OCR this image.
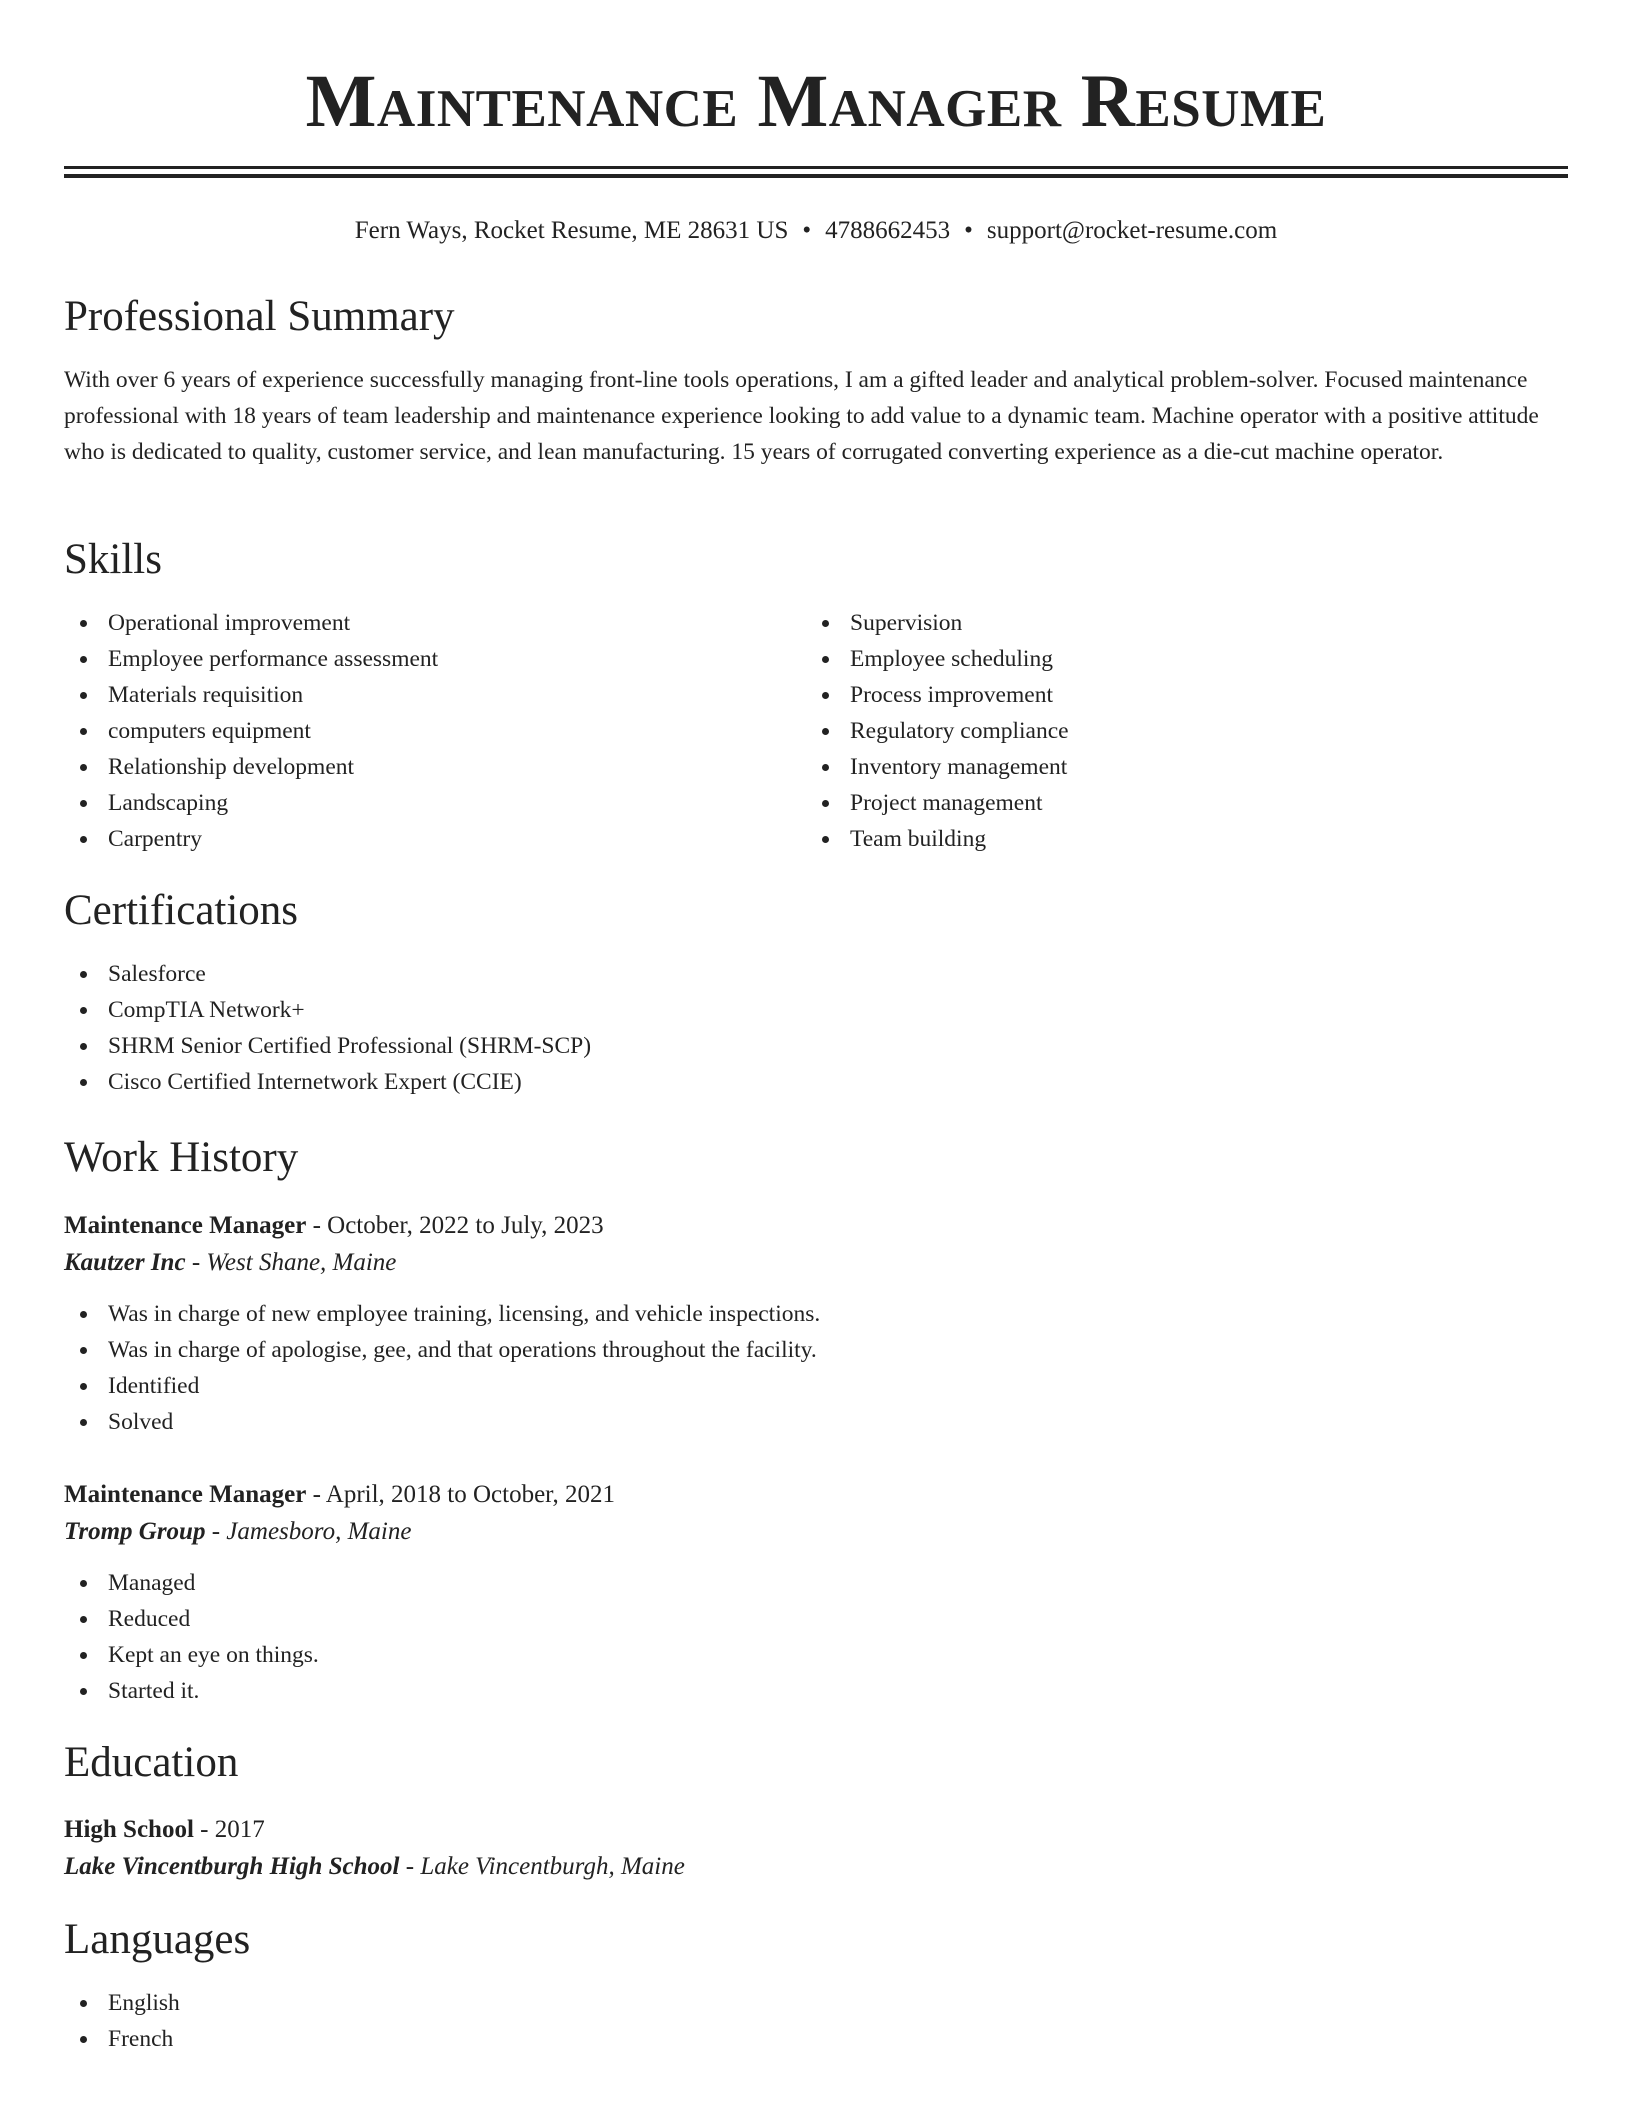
Maintenance Manager Resume
Fern Ways, Rocket Resume, ME 28631 US • 4788662453 • support@rocket-resume.com
Professional Summary

With over 6 years of experience successfully managing front-line tools operations, I am a gifted leader and analytical problem-solver. Focused maintenance professional with 18 years of team leadership and maintenance experience looking to add value to a dynamic team. Machine operator with a positive attitude who is dedicated to quality, customer service, and lean manufacturing. 15 years of corrugated converting experience as a die-cut machine operator.

Skills
Operational improvement
Employee performance assessment
Materials requisition
computers equipment
Relationship development
Landscaping
Carpentry
Supervision
Employee scheduling
Process improvement
Regulatory compliance
Inventory management
Project management
Team building
Certifications
Salesforce
CompTIA Network+
SHRM Senior Certified Professional (SHRM-SCP)
Cisco Certified Internetwork Expert (CCIE)
Work History
Maintenance Manager - October, 2022 to July, 2023
Kautzer Inc - West Shane, Maine
Was in charge of new employee training, licensing, and vehicle inspections.
Was in charge of apologise, gee, and that operations throughout the facility.
Identified
Solved
Maintenance Manager - April, 2018 to October, 2021
Tromp Group - Jamesboro, Maine
Managed
Reduced
Kept an eye on things.
Started it.
Education
High School - 2017
Lake Vincentburgh High School - Lake Vincentburgh, Maine
Languages
English
French
